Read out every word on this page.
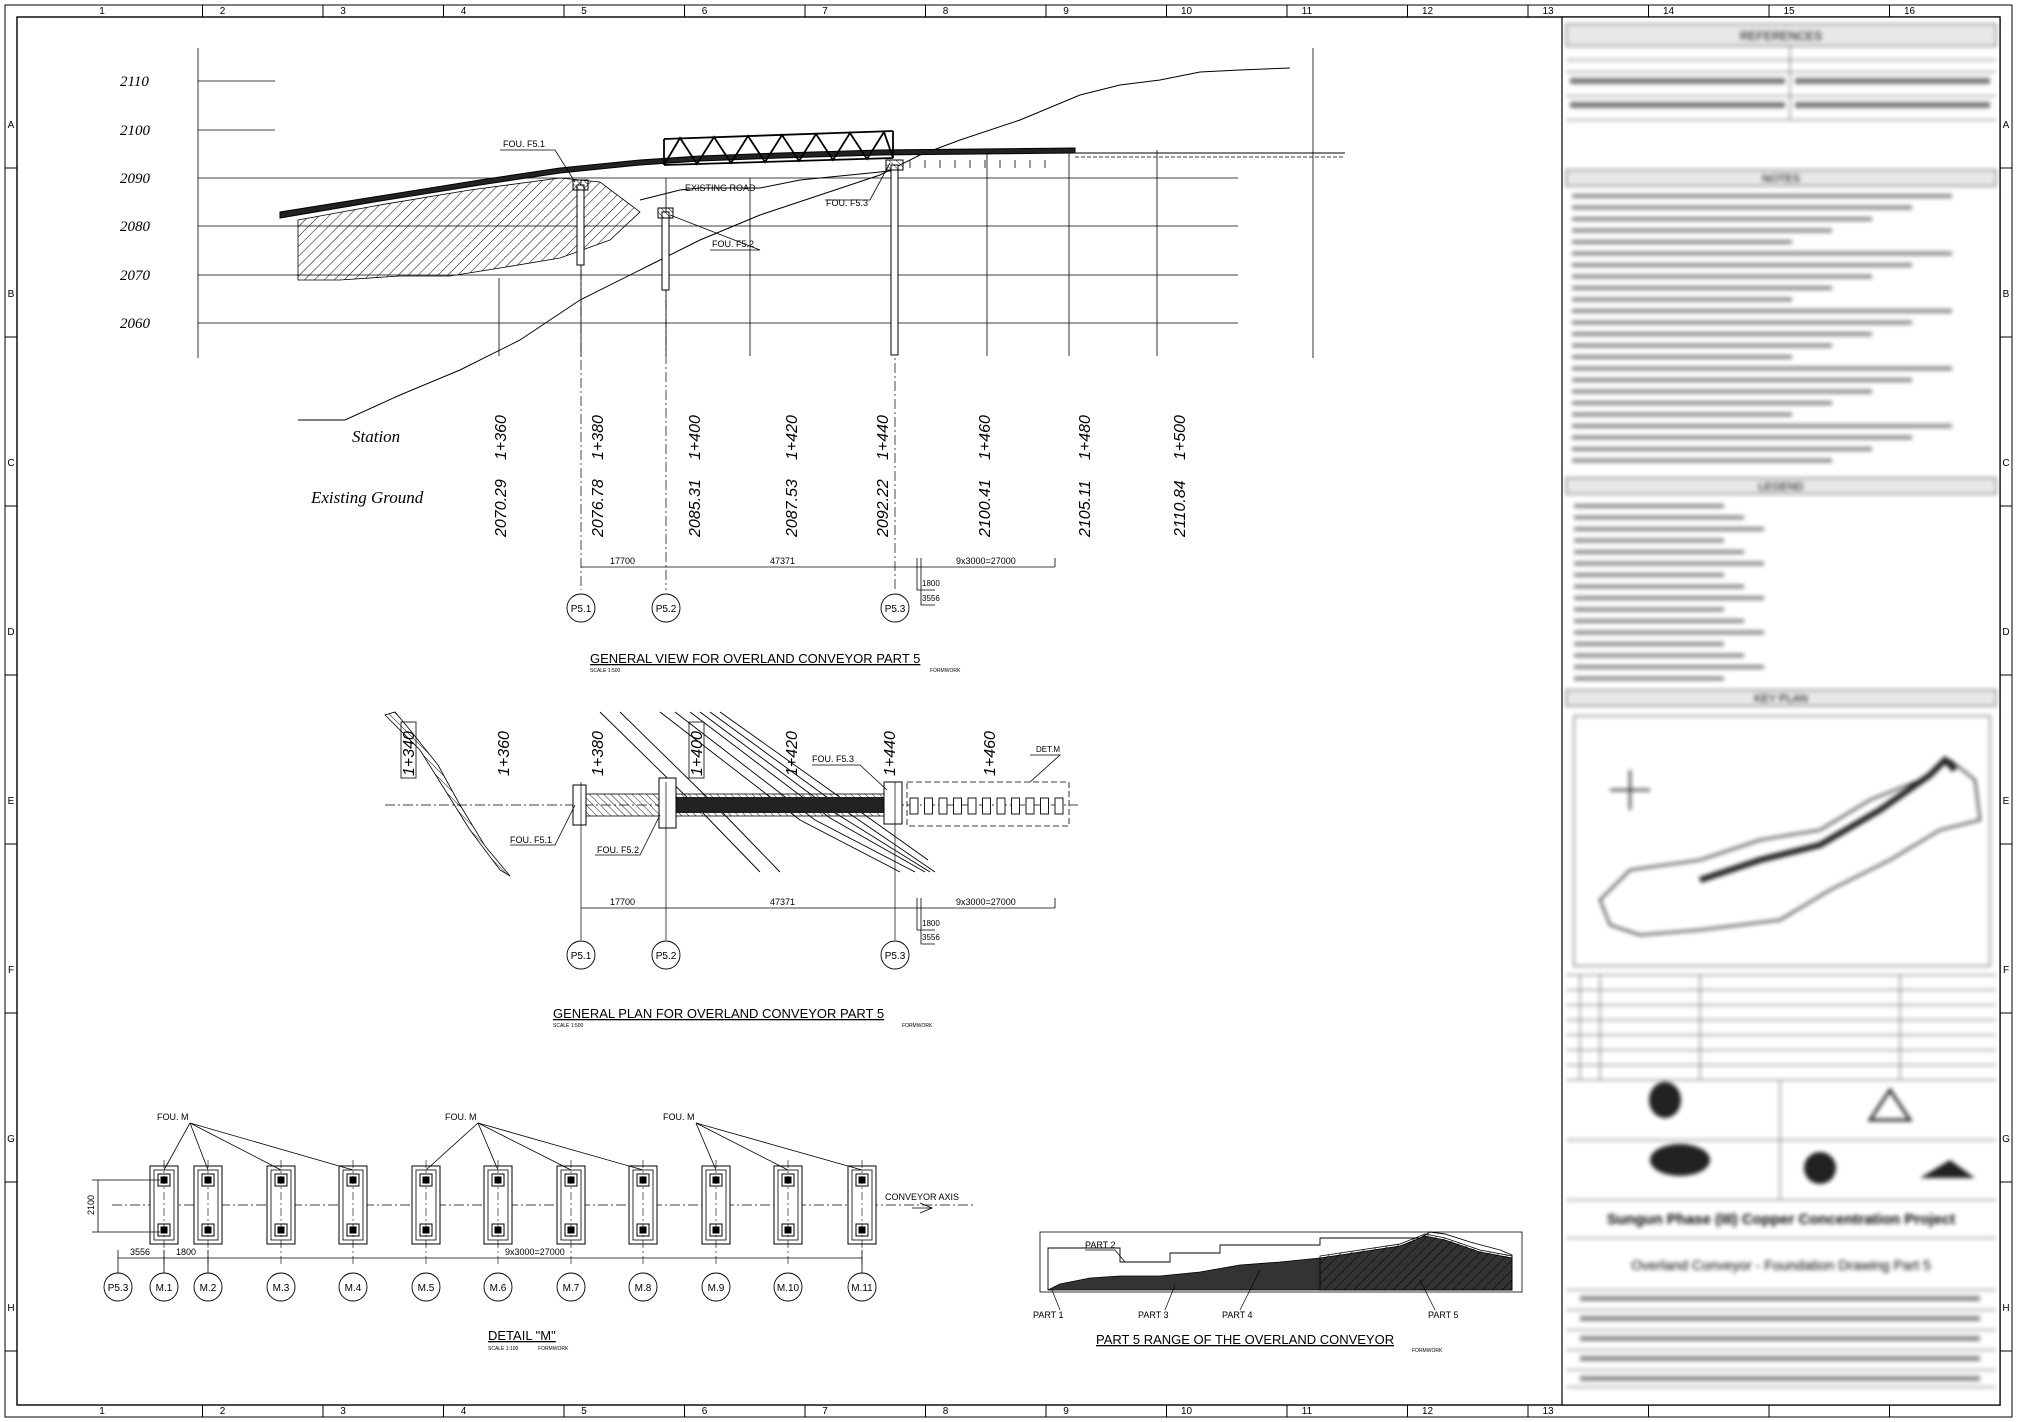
1
1
2
2
3
3
4
4
5
5
6
6
7
7
8
8
9
9
10
10
11
11
12
12
13
13
14	15	16
A	A
B	B
C	C
D	D
E	E
F	F
G	G
H	H
2110
2100
2090
2080
2070
2060
FOU. F5.1
FOU. F5.2
FOU. F5.3
EXISTING ROAD
Station
Existing Ground
1+360
2070.29
1+380
2076.78
1+400
2085.31
1+420
2087.53
1+440
2092.22
1+460
2100.41
1+480
2105.11
1+500
2110.84
17700	47371	9x3000=27000
1800
3556
P5.1	P5.2	P5.3
GENERAL VIEW FOR OVERLAND CONVEYOR PART 5
SCALE 1:500	FORMWORK
1+340	1+360	1+380	1+400	1+420	1+440	1+460
FOU. F5.1
FOU. F5.2
FOU. F5.3
DET.M
17700	47371	9x3000=27000
1800
3556
P5.1	P5.2	P5.3
GENERAL PLAN FOR OVERLAND CONVEYOR PART 5
SCALE 1:500	FORMWORK
FOU. M	FOU. M	FOU. M
2100
3556	1800	9x3000=27000
CONVEYOR AXIS
P5.3	M.1	M.2	M.3	M.4	M.5	M.6	M.7	M.8	M.9	M.10	M.11
DETAIL "M"
SCALE 1:100	FORMWORK
PART 1
PART 2
PART 3	PART 4	PART 5
PART 5 RANGE OF THE OVERLAND CONVEYOR
FORMWORK
REFERENCES
NOTES
LEGEND
KEY PLAN
Sungun Phase (III) Copper Concentration Project
Overland Conveyor - Foundation Drawing Part 5
